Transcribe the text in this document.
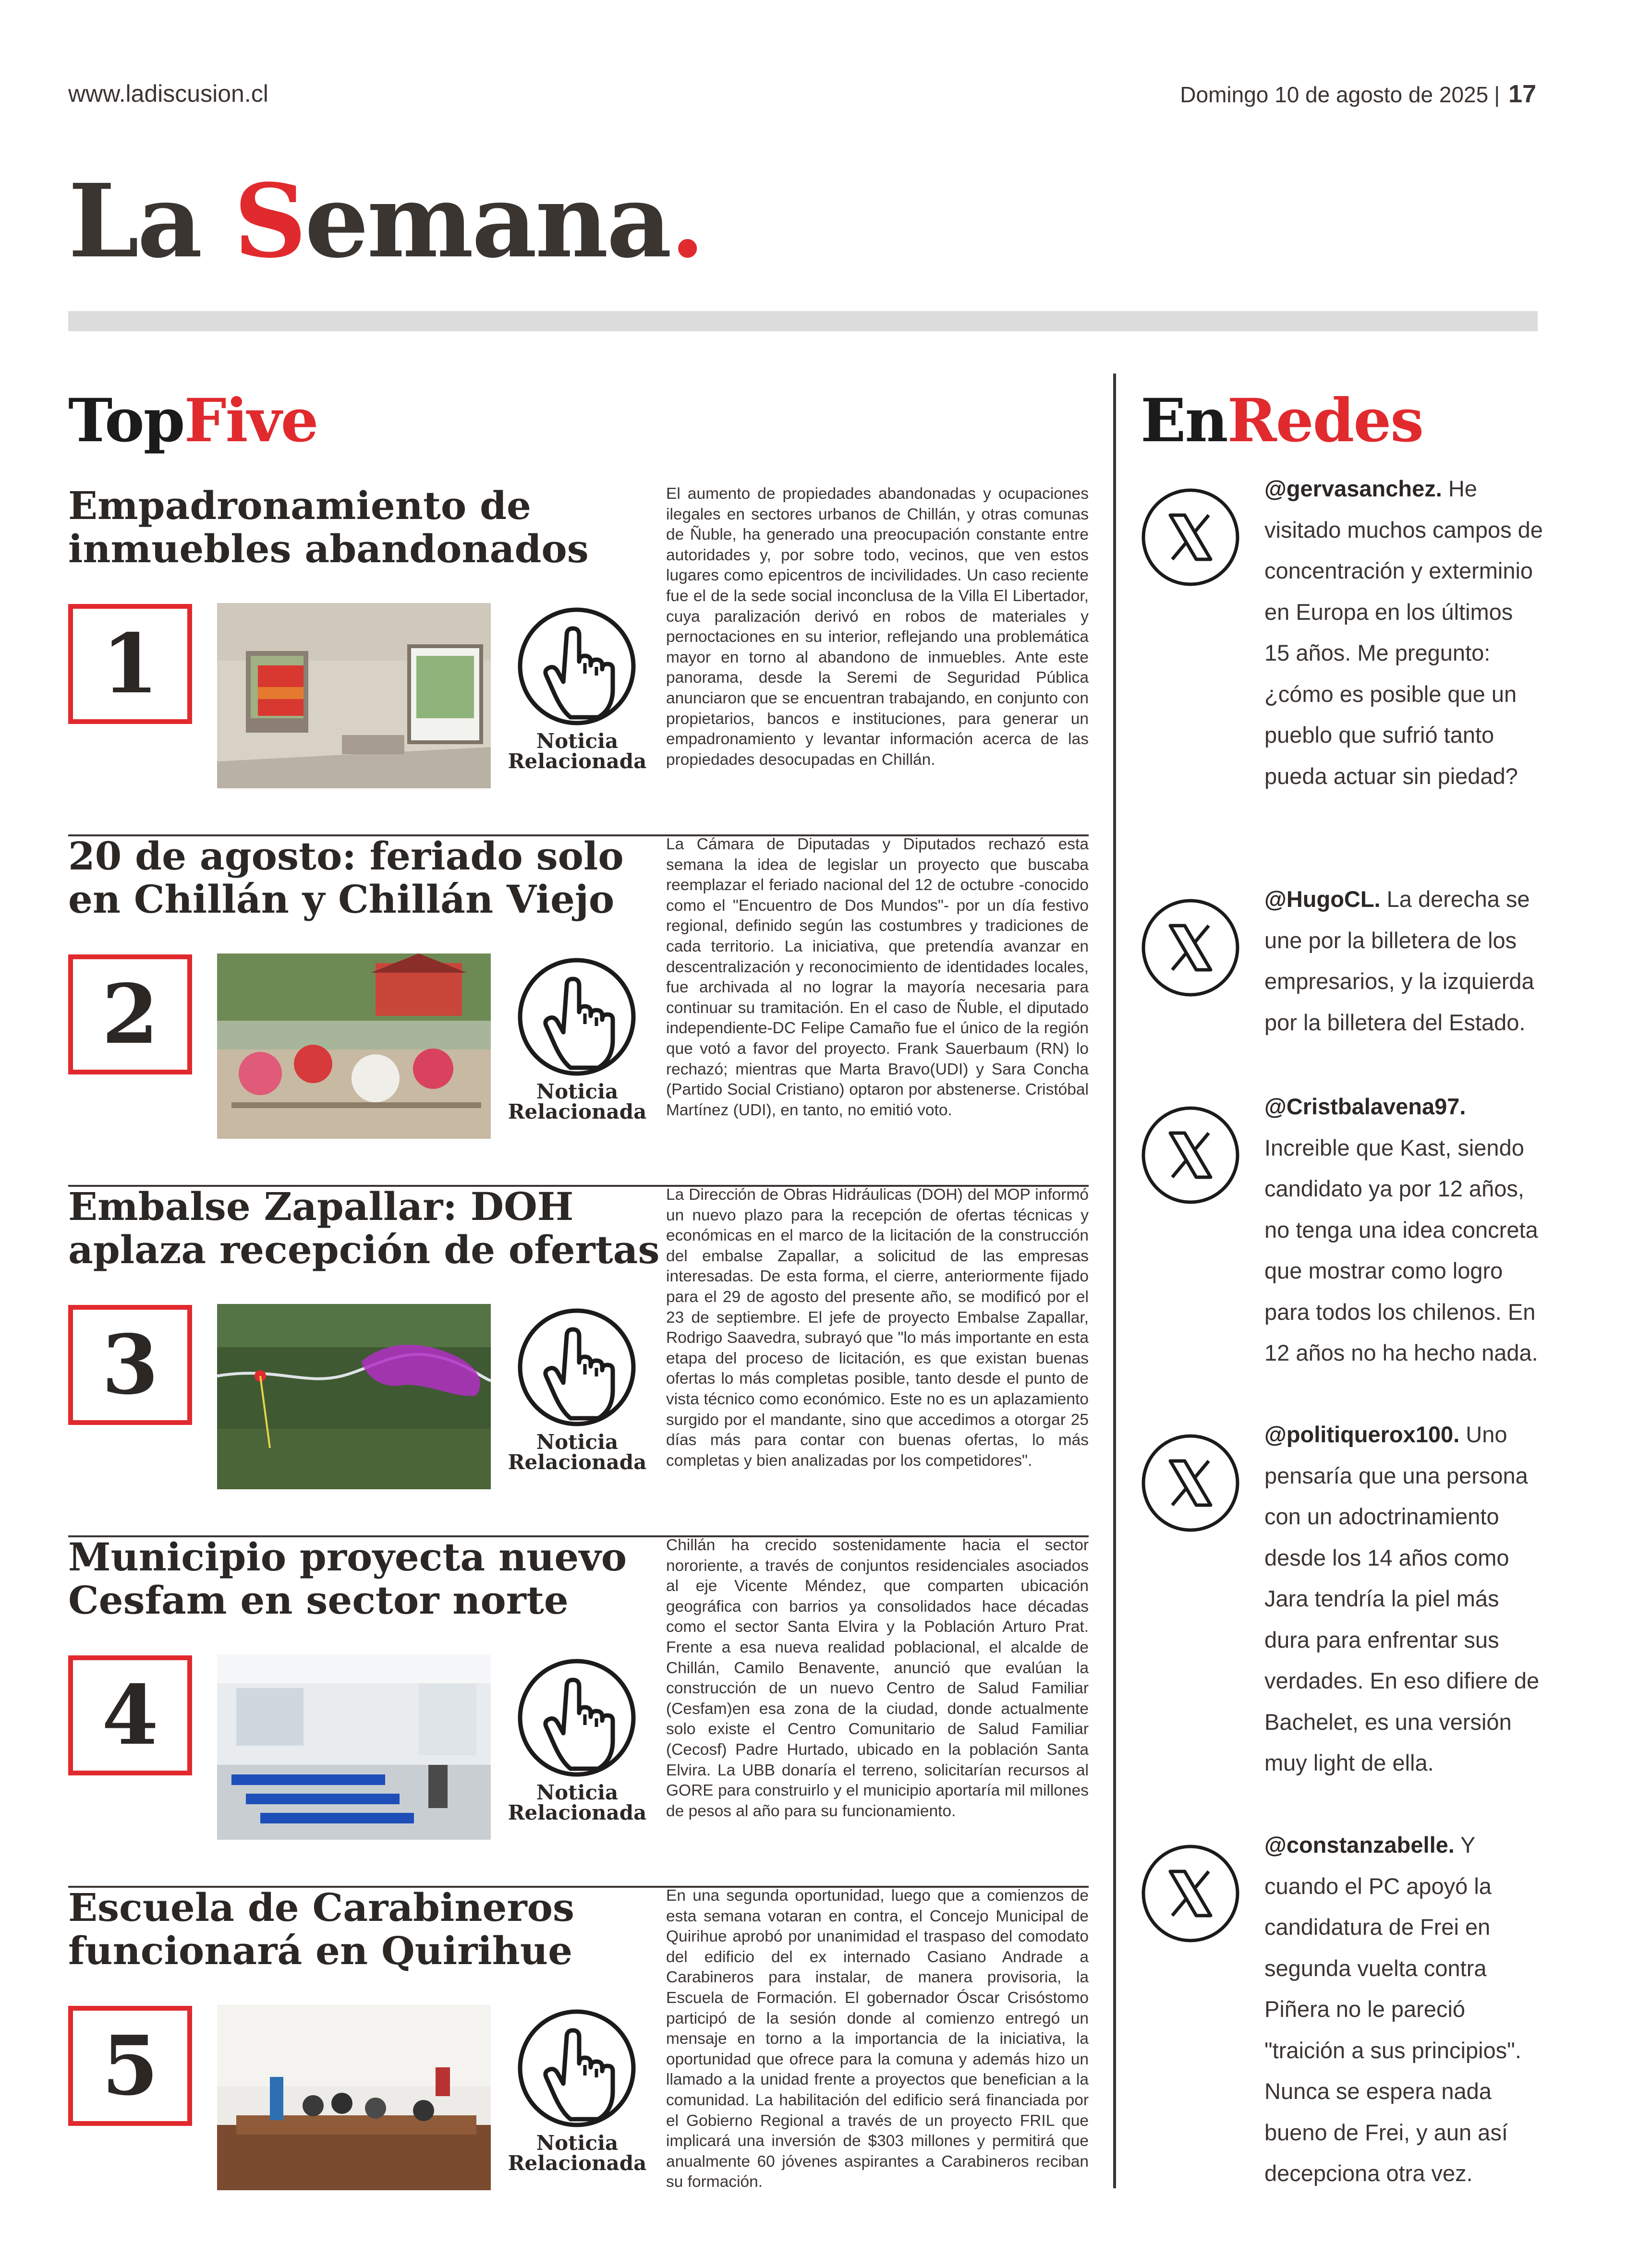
www.ladiscusion.cl	Domingo 10 de agosto de 2025 | 17
La Semana.
TopFive	EnRedes
Empadronamiento de inmuebles abandonados
1
Noticia
Relacionada
El aumento de propiedades abandonadas y ocupaciones ilegales en sectores urbanos de Chillán, y otras comunas de Ñuble, ha generado una preocupación constante entre autoridades y, por sobre todo, vecinos, que ven estos lugares como epicentros de incivilidades. Un caso reciente fue el de la sede social inconclusa de la Villa El Libertador, cuya paralización derivó en robos de materiales y pernoctaciones en su interior, reflejando una problemática mayor en torno al abandono de inmuebles. Ante este panorama, desde la Seremi de Seguridad Pública anunciaron que se encuentran trabajando, en conjunto con propietarios, bancos e instituciones, para generar un empadronamiento y levantar información acerca de las propiedades desocupadas en Chillán.
20 de agosto: feriado solo en Chillán y Chillán Viejo
2
Noticia
Relacionada
La Cámara de Diputadas y Diputados rechazó esta semana la idea de legislar un proyecto que buscaba reemplazar el feriado nacional del 12 de octubre -conocido como el "Encuentro de Dos Mundos"- por un día festivo regional, definido según las costumbres y tradiciones de cada territorio. La iniciativa, que pretendía avanzar en descentralización y reconocimiento de identidades locales, fue archivada al no lograr la mayoría necesaria para continuar su tramitación. En el caso de Ñuble, el diputado independiente-DC Felipe Camaño fue el único de la región que votó a favor del proyecto. Frank Sauerbaum (RN) lo rechazó; mientras que Marta Bravo(UDI) y Sara Concha (Partido Social Cristiano) optaron por abstenerse. Cristóbal Martínez (UDI), en tanto, no emitió voto.
Embalse Zapallar: DOH aplaza recepción de ofertas
3
Noticia
Relacionada
La Dirección de Obras Hidráulicas (DOH) del MOP informó un nuevo plazo para la recepción de ofertas técnicas y económicas en el marco de la licitación de la construcción del embalse Zapallar, a solicitud de las empresas interesadas. De esta forma, el cierre, anteriormente fijado para el 29 de agosto del presente año, se modificó por el 23 de septiembre. El jefe de proyecto Embalse Zapallar, Rodrigo Saavedra, subrayó que "lo más importante en esta etapa del proceso de licitación, es que existan buenas ofertas lo más completas posible, tanto desde el punto de vista técnico como económico. Este no es un aplazamiento surgido por el mandante, sino que accedimos a otorgar 25 días más para contar con buenas ofertas, lo más completas y bien analizadas por los competidores".
Municipio proyecta nuevo Cesfam en sector norte
4
Noticia
Relacionada
Chillán ha crecido sostenidamente hacia el sector nororiente, a través de conjuntos residenciales asociados al eje Vicente Méndez, que comparten ubicación geográfica con barrios ya consolidados hace décadas como el sector Santa Elvira y la Población Arturo Prat. Frente a esa nueva realidad poblacional, el alcalde de Chillán, Camilo Benavente, anunció que evalúan la construcción de un nuevo Centro de Salud Familiar (Cesfam)en esa zona de la ciudad, donde actualmente solo existe el Centro Comunitario de Salud Familiar (Cecosf) Padre Hurtado, ubicado en la población Santa Elvira. La UBB donaría el terreno, solicitarían recursos al GORE para construirlo y el municipio aportaría mil millones de pesos al año para su funcionamiento.
Escuela de Carabineros funcionará en Quirihue
5
Noticia
Relacionada
En una segunda oportunidad, luego que a comienzos de esta semana votaran en contra, el Concejo Municipal de Quirihue aprobó por unanimidad el traspaso del comodato del edificio del ex internado Casiano Andrade a Carabineros para instalar, de manera provisoria, la Escuela de Formación. El gobernador Óscar Crisóstomo participó de la sesión donde al comienzo entregó un mensaje en torno a la importancia de la iniciativa, la oportunidad que ofrece para la comuna y además hizo un llamado a la unidad frente a proyectos que benefician a la comunidad. La habilitación del edificio será financiada por el Gobierno Regional a través de un proyecto FRIL que implicará una inversión de $303 millones y permitirá que anualmente 60 jóvenes aspirantes a Carabineros reciban su formación.
@gervasanchez. He visitado muchos campos de concentración y exterminio en Europa en los últimos 15 años. Me pregunto: ¿cómo es posible que un pueblo que sufrió tanto pueda actuar sin piedad?
@HugoCL. La derecha se une por la billetera de los empresarios, y la izquierda por la billetera del Estado.
@Cristbalavena97. Increible que Kast, siendo candidato ya por 12 años, no tenga una idea concreta que mostrar como logro para todos los chilenos. En 12 años no ha hecho nada.
@politiquerox100. Uno pensaría que una persona con un adoctrinamiento desde los 14 años como Jara tendría la piel más dura para enfrentar sus verdades. En eso difiere de Bachelet, es una versión muy light de ella.
@constanzabelle. Y cuando el PC apoyó la candidatura de Frei en segunda vuelta contra Piñera no le pareció "traición a sus principios". Nunca se espera nada bueno de Frei, y aun así decepciona otra vez.
